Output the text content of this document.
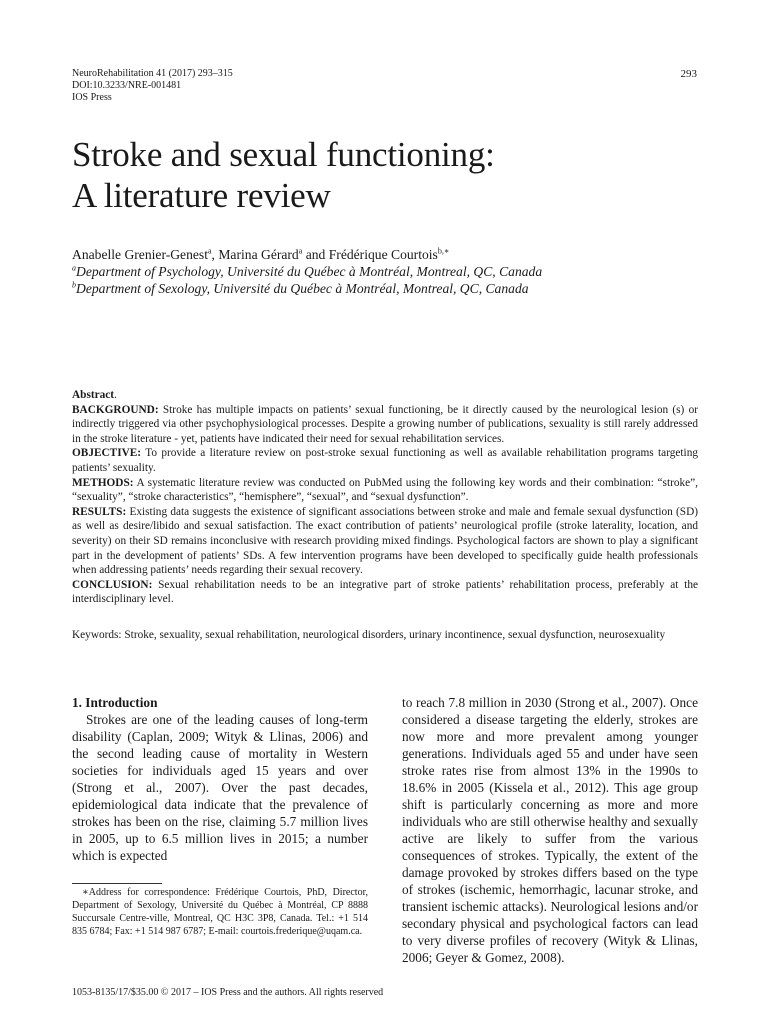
NeuroRehabilitation 41 (2017) 293–315
DOI:10.3233/NRE-001481
IOS Press
293
Stroke and sexual functioning:
A literature review
Anabelle Grenier-Genest$^a$, Marina Gérard$^a$ and Frédérique Courtois$^{b,∗}$
$^a$Department of Psychology, Université du Québec à Montréal, Montreal, QC, Canada
$^b$Department of Sexology, Université du Québec à Montréal, Montreal, QC, Canada

Abstract.

BACKGROUND: Stroke has multiple impacts on patients’ sexual functioning, be it directly caused by the neurological lesion (s) or indirectly triggered via other psychophysiological processes. Despite a growing number of publications, sexuality is still rarely addressed in the stroke literature - yet, patients have indicated their need for sexual rehabilitation services.

OBJECTIVE: To provide a literature review on post-stroke sexual functioning as well as available rehabilitation programs targeting patients’ sexuality.

METHODS: A systematic literature review was conducted on PubMed using the following key words and their combination: “stroke”, “sexuality”, “stroke characteristics”, “hemisphere”, “sexual”, and “sexual dysfunction”.

RESULTS: Existing data suggests the existence of significant associations between stroke and male and female sexual dysfunction (SD) as well as desire/libido and sexual satisfaction. The exact contribution of patients’ neurological profile (stroke laterality, location, and severity) on their SD remains inconclusive with research providing mixed findings. Psychological factors are shown to play a significant part in the development of patients’ SDs. A few intervention programs have been developed to specifically guide health professionals when addressing patients’ needs regarding their sexual recovery.

CONCLUSION: Sexual rehabilitation needs to be an integrative part of stroke patients’ rehabilitation process, preferably at the interdisciplinary level.

Keywords: Stroke, sexuality, sexual rehabilitation, neurological disorders, urinary incontinence, sexual dysfunction, neurosexuality

1. Introduction

Strokes are one of the leading causes of long-term disability (Caplan, 2009; Wityk & Llinas, 2006) and the second leading cause of mortality in Western societies for individuals aged 15 years and over (Strong et al., 2007). Over the past decades, epidemiological data indicate that the prevalence of strokes has been on the rise, claiming 5.7 million lives in 2005, up to 6.5 million lives in 2015; a number which is expected

to reach 7.8 million in 2030 (Strong et al., 2007). Once considered a disease targeting the elderly, strokes are now more and more prevalent among younger generations. Individuals aged 55 and under have seen stroke rates rise from almost 13% in the 1990s to 18.6% in 2005 (Kissela et al., 2012). This age group shift is particularly concerning as more and more individuals who are still otherwise healthy and sexually active are likely to suffer from the various consequences of strokes. Typically, the extent of the damage provoked by strokes differs based on the type of strokes (ischemic, hemorrhagic, lacunar stroke, and transient ischemic attacks). Neurological lesions and/or secondary physical and psychological factors can lead to very diverse profiles of recovery (Wityk & Llinas, 2006; Geyer & Gomez, 2008).

∗Address for correspondence: Frédérique Courtois, PhD, Director, Department of Sexology, Université du Québec à Montréal, CP 8888 Succursale Centre-ville, Montreal, QC H3C 3P8, Canada. Tel.: +1 514 835 6784; Fax: +1 514 987 6787; E-mail: courtois.frederique@uqam.ca.

1053-8135/17/$35.00 © 2017 – IOS Press and the authors. All rights reserved
